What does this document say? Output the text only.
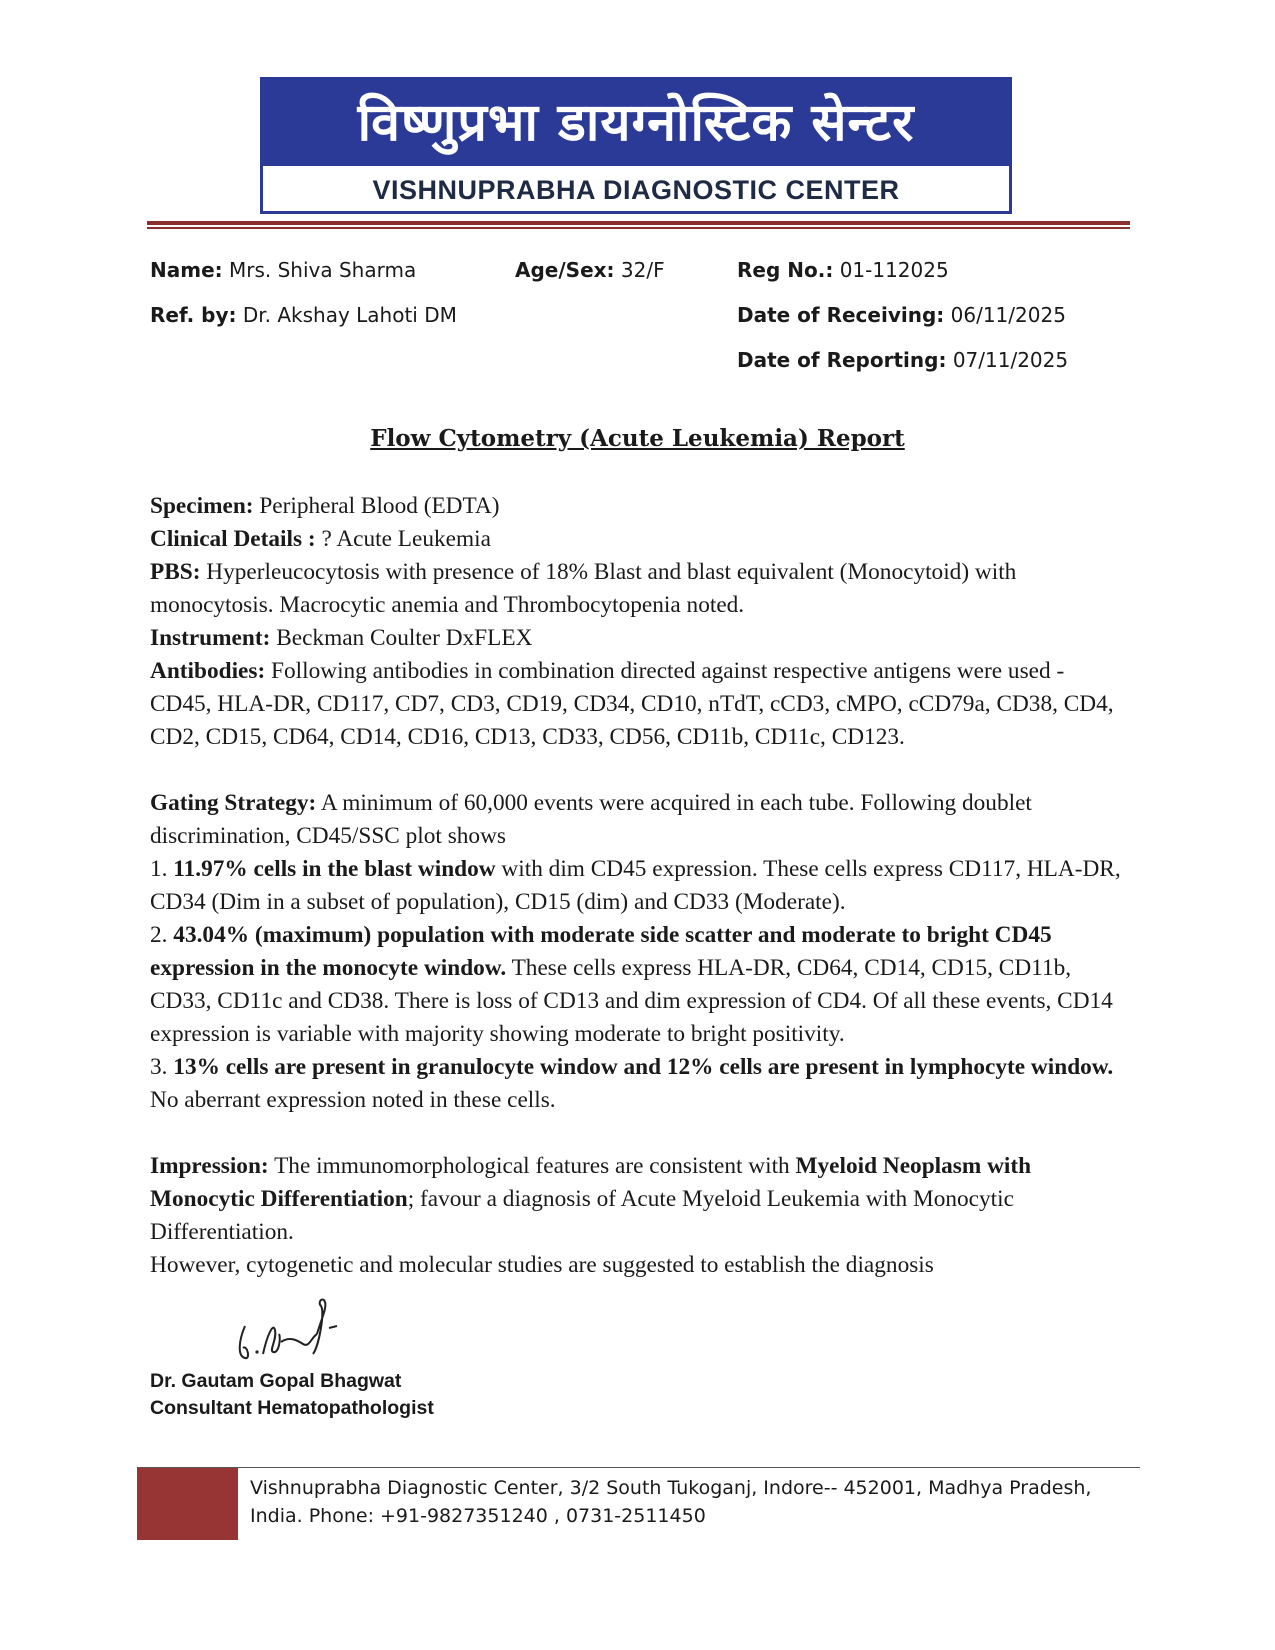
विष्णुप्रभा डायग्नोस्टिक सेन्टर
VISHNUPRABHA DIAGNOSTIC CENTER
Name: Mrs. Shiva Sharma	Age/Sex: 32/F	Reg No.: 01-112025
Ref. by: Dr. Akshay Lahoti DM	Date of Receiving: 06/11/2025
Date of Reporting: 07/11/2025
Flow Cytometry (Acute Leukemia) Report

Specimen: Peripheral Blood (EDTA)

Clinical Details : ? Acute Leukemia

PBS: Hyperleucocytosis with presence of 18% Blast and blast equivalent (Monocytoid) with monocytosis. Macrocytic anemia and Thrombocytopenia noted.

Instrument: Beckman Coulter DxFLEX

Antibodies: Following antibodies in combination directed against respective antigens were used - CD45, HLA-DR, CD117, CD7, CD3, CD19, CD34, CD10, nTdT, cCD3, cMPO, cCD79a, CD38, CD4, CD2, CD15, CD64, CD14, CD16, CD13, CD33, CD56, CD11b, CD11c, CD123.

Gating Strategy: A minimum of 60,000 events were acquired in each tube. Following doublet discrimination, CD45/SSC plot shows

1. 11.97% cells in the blast window with dim CD45 expression. These cells express CD117, HLA-DR, CD34 (Dim in a subset of population), CD15 (dim) and CD33 (Moderate).

2. 43.04% (maximum) population with moderate side scatter and moderate to bright CD45 expression in the monocyte window. These cells express HLA-DR, CD64, CD14, CD15, CD11b, CD33, CD11c and CD38. There is loss of CD13 and dim expression of CD4. Of all these events, CD14 expression is variable with majority showing moderate to bright positivity.

3. 13% cells are present in granulocyte window and 12% cells are present in lymphocyte window. No aberrant expression noted in these cells.

Impression: The immunomorphological features are consistent with Myeloid Neoplasm with Monocytic Differentiation; favour a diagnosis of Acute Myeloid Leukemia with Monocytic Differentiation.

However, cytogenetic and molecular studies are suggested to establish the diagnosis

Dr. Gautam Gopal Bhagwat
Consultant Hematopathologist
Vishnuprabha Diagnostic Center, 3/2 South Tukoganj, Indore-- 452001, Madhya Pradesh,
India. Phone: +91-9827351240 , 0731-2511450
